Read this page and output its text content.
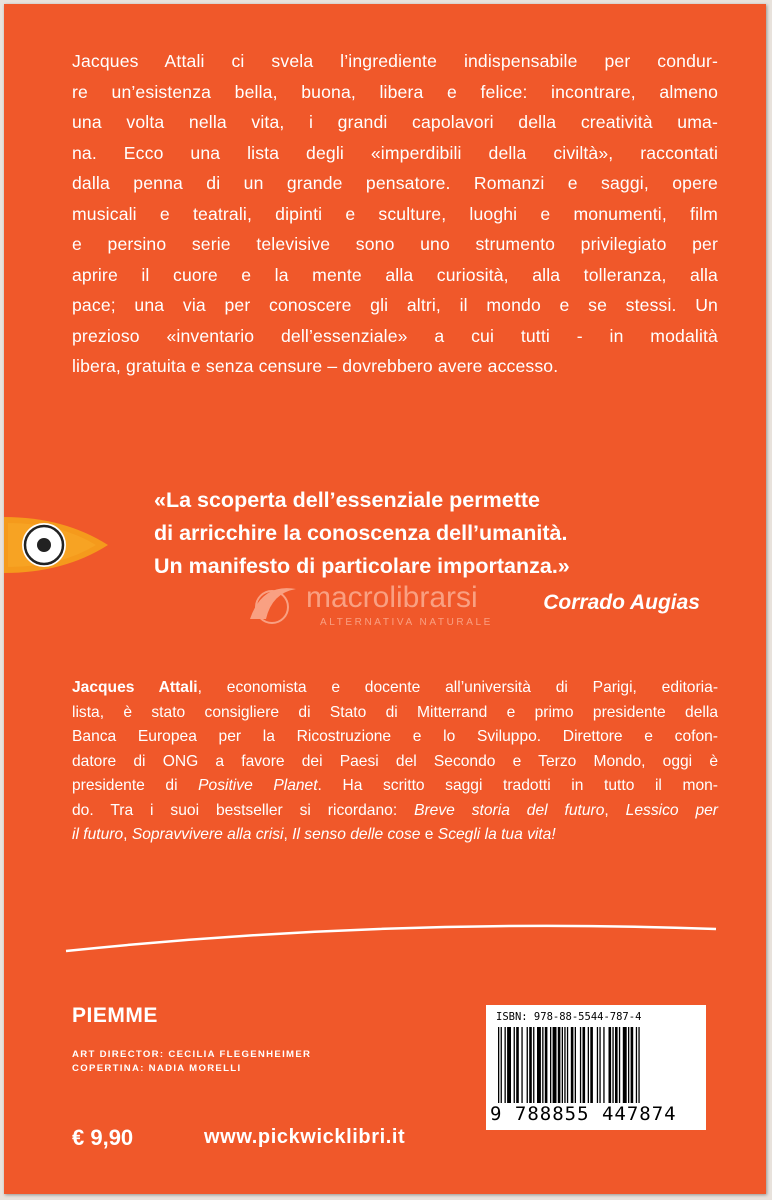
Jacques Attali ci svela l’ingrediente indispensabile per condur-
re un’esistenza bella, buona, libera e felice: incontrare, almeno
una volta nella vita, i grandi capolavori della creatività uma-
na. Ecco una lista degli «imperdibili della civiltà», raccontati
dalla penna di un grande pensatore. Romanzi e saggi, opere
musicali e teatrali, dipinti e sculture, luoghi e monumenti, film
e persino serie televisive sono uno strumento privilegiato per
aprire il cuore e la mente alla curiosità, alla tolleranza, alla
pace; una via per conoscere gli altri, il mondo e se stessi. Un
prezioso «inventario dell’essenziale» a cui tutti - in modalità
libera, gratuita e senza censure – dovrebbero avere accesso.
«La scoperta dell’essenziale permette
di arricchire la conoscenza dell’umanità.
Un manifesto di particolare importanza.»
macrolibrarsi
ALTERNATIVA NATURALE
Corrado Augias
Jacques Attali, economista e docente all’università di Parigi, editoria-
lista, è stato consigliere di Stato di Mitterrand e primo presidente della
Banca Europea per la Ricostruzione e lo Sviluppo. Direttore e cofon-
datore di ONG a favore dei Paesi del Secondo e Terzo Mondo, oggi è
presidente di Positive Planet. Ha scritto saggi tradotti in tutto il mon-
do. Tra i suoi bestseller si ricordano: Breve storia del futuro, Lessico per
il futuro, Sopravvivere alla crisi, Il senso delle cose e Scegli la tua vita!
PIEMME
ART DIRECTOR: CECILIA FLEGENHEIMER
COPERTINA: NADIA MORELLI
€ 9,90	www.pickwicklibri.it
ISBN: 978-88-5544-787-4
9 788855 447874
